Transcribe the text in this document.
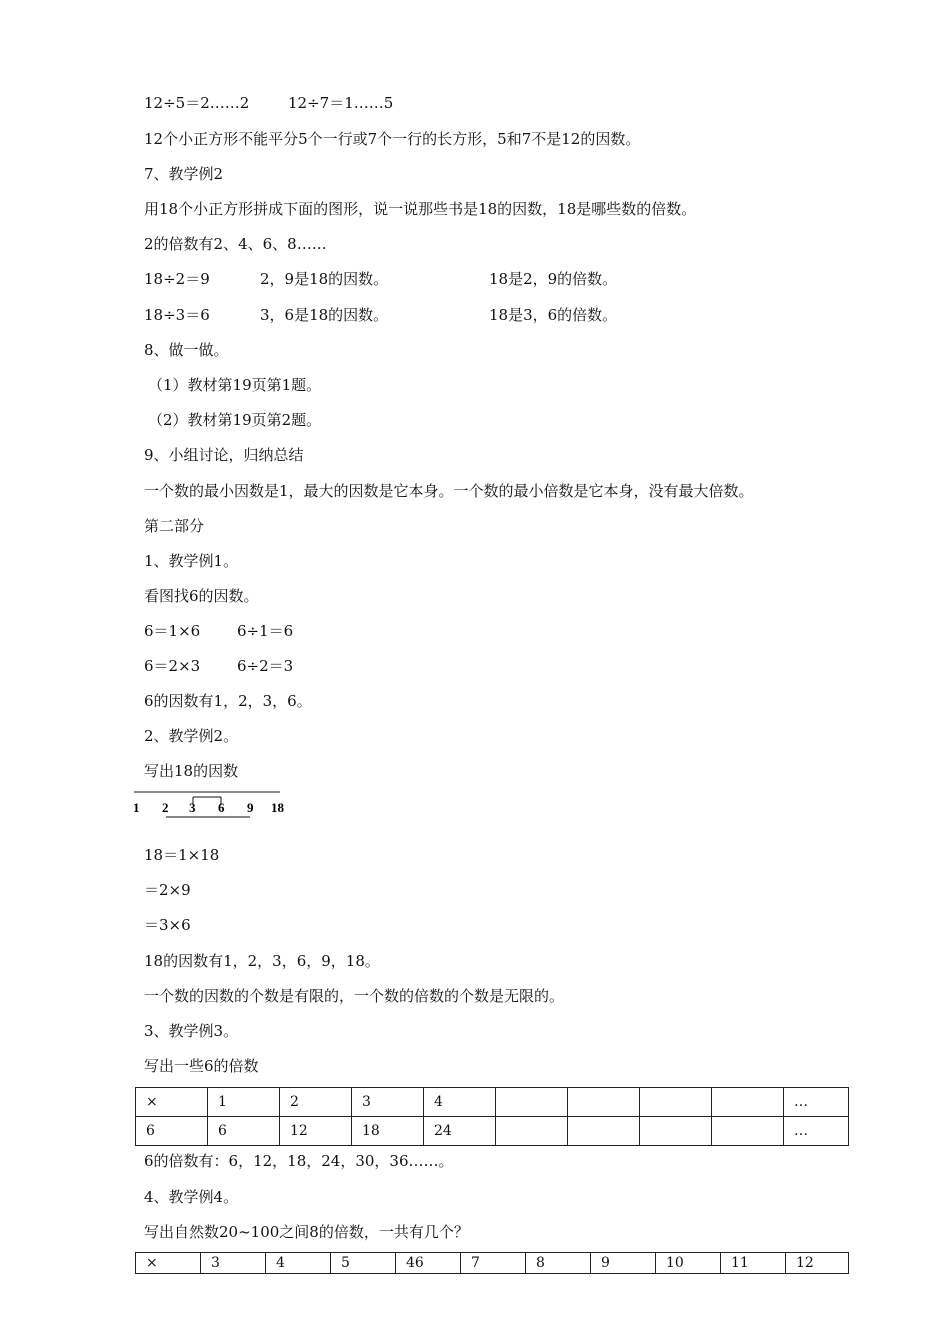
12÷5＝2……2	12÷7＝1……5
12个小正方形不能平分5个一行或7个一行的长方形，5和7不是12的因数。
7、教学例2
用18个小正方形拼成下面的图形，说一说那些书是18的因数，18是哪些数的倍数。
2的倍数有2、4、6、8……
18÷2＝9	2，9是18的因数。	18是2，9的倍数。
18÷3＝6	3，6是18的因数。	18是3，6的倍数。
8、做一做。
（1）教材第19页第1题。
（2）教材第19页第2题。
9、小组讨论，归纳总结
一个数的最小因数是1，最大的因数是它本身。一个数的最小倍数是它本身，没有最大倍数。
第二部分
1、教学例1。
看图找6的因数。
6＝1×6 6÷1＝6
6＝2×3 6÷2＝3
6的因数有1，2，3，6。
2、教学例2。
写出18的因数
1 2 3 6 9 18
18＝1×18
＝2×9
＝3×6
18的因数有1，2，3，6，9，18。
一个数的因数的个数是有限的，一个数的倍数的个数是无限的。
3、教学例3。
写出一些6的倍数
×	1	2	3	4					…
6	6	12	18	24					…
6的倍数有：6，12，18，24，30，36……。
4、教学例4。
写出自然数20~100之间8的倍数，一共有几个？
×	3	4	5	46	7	8	9	10	11	12
